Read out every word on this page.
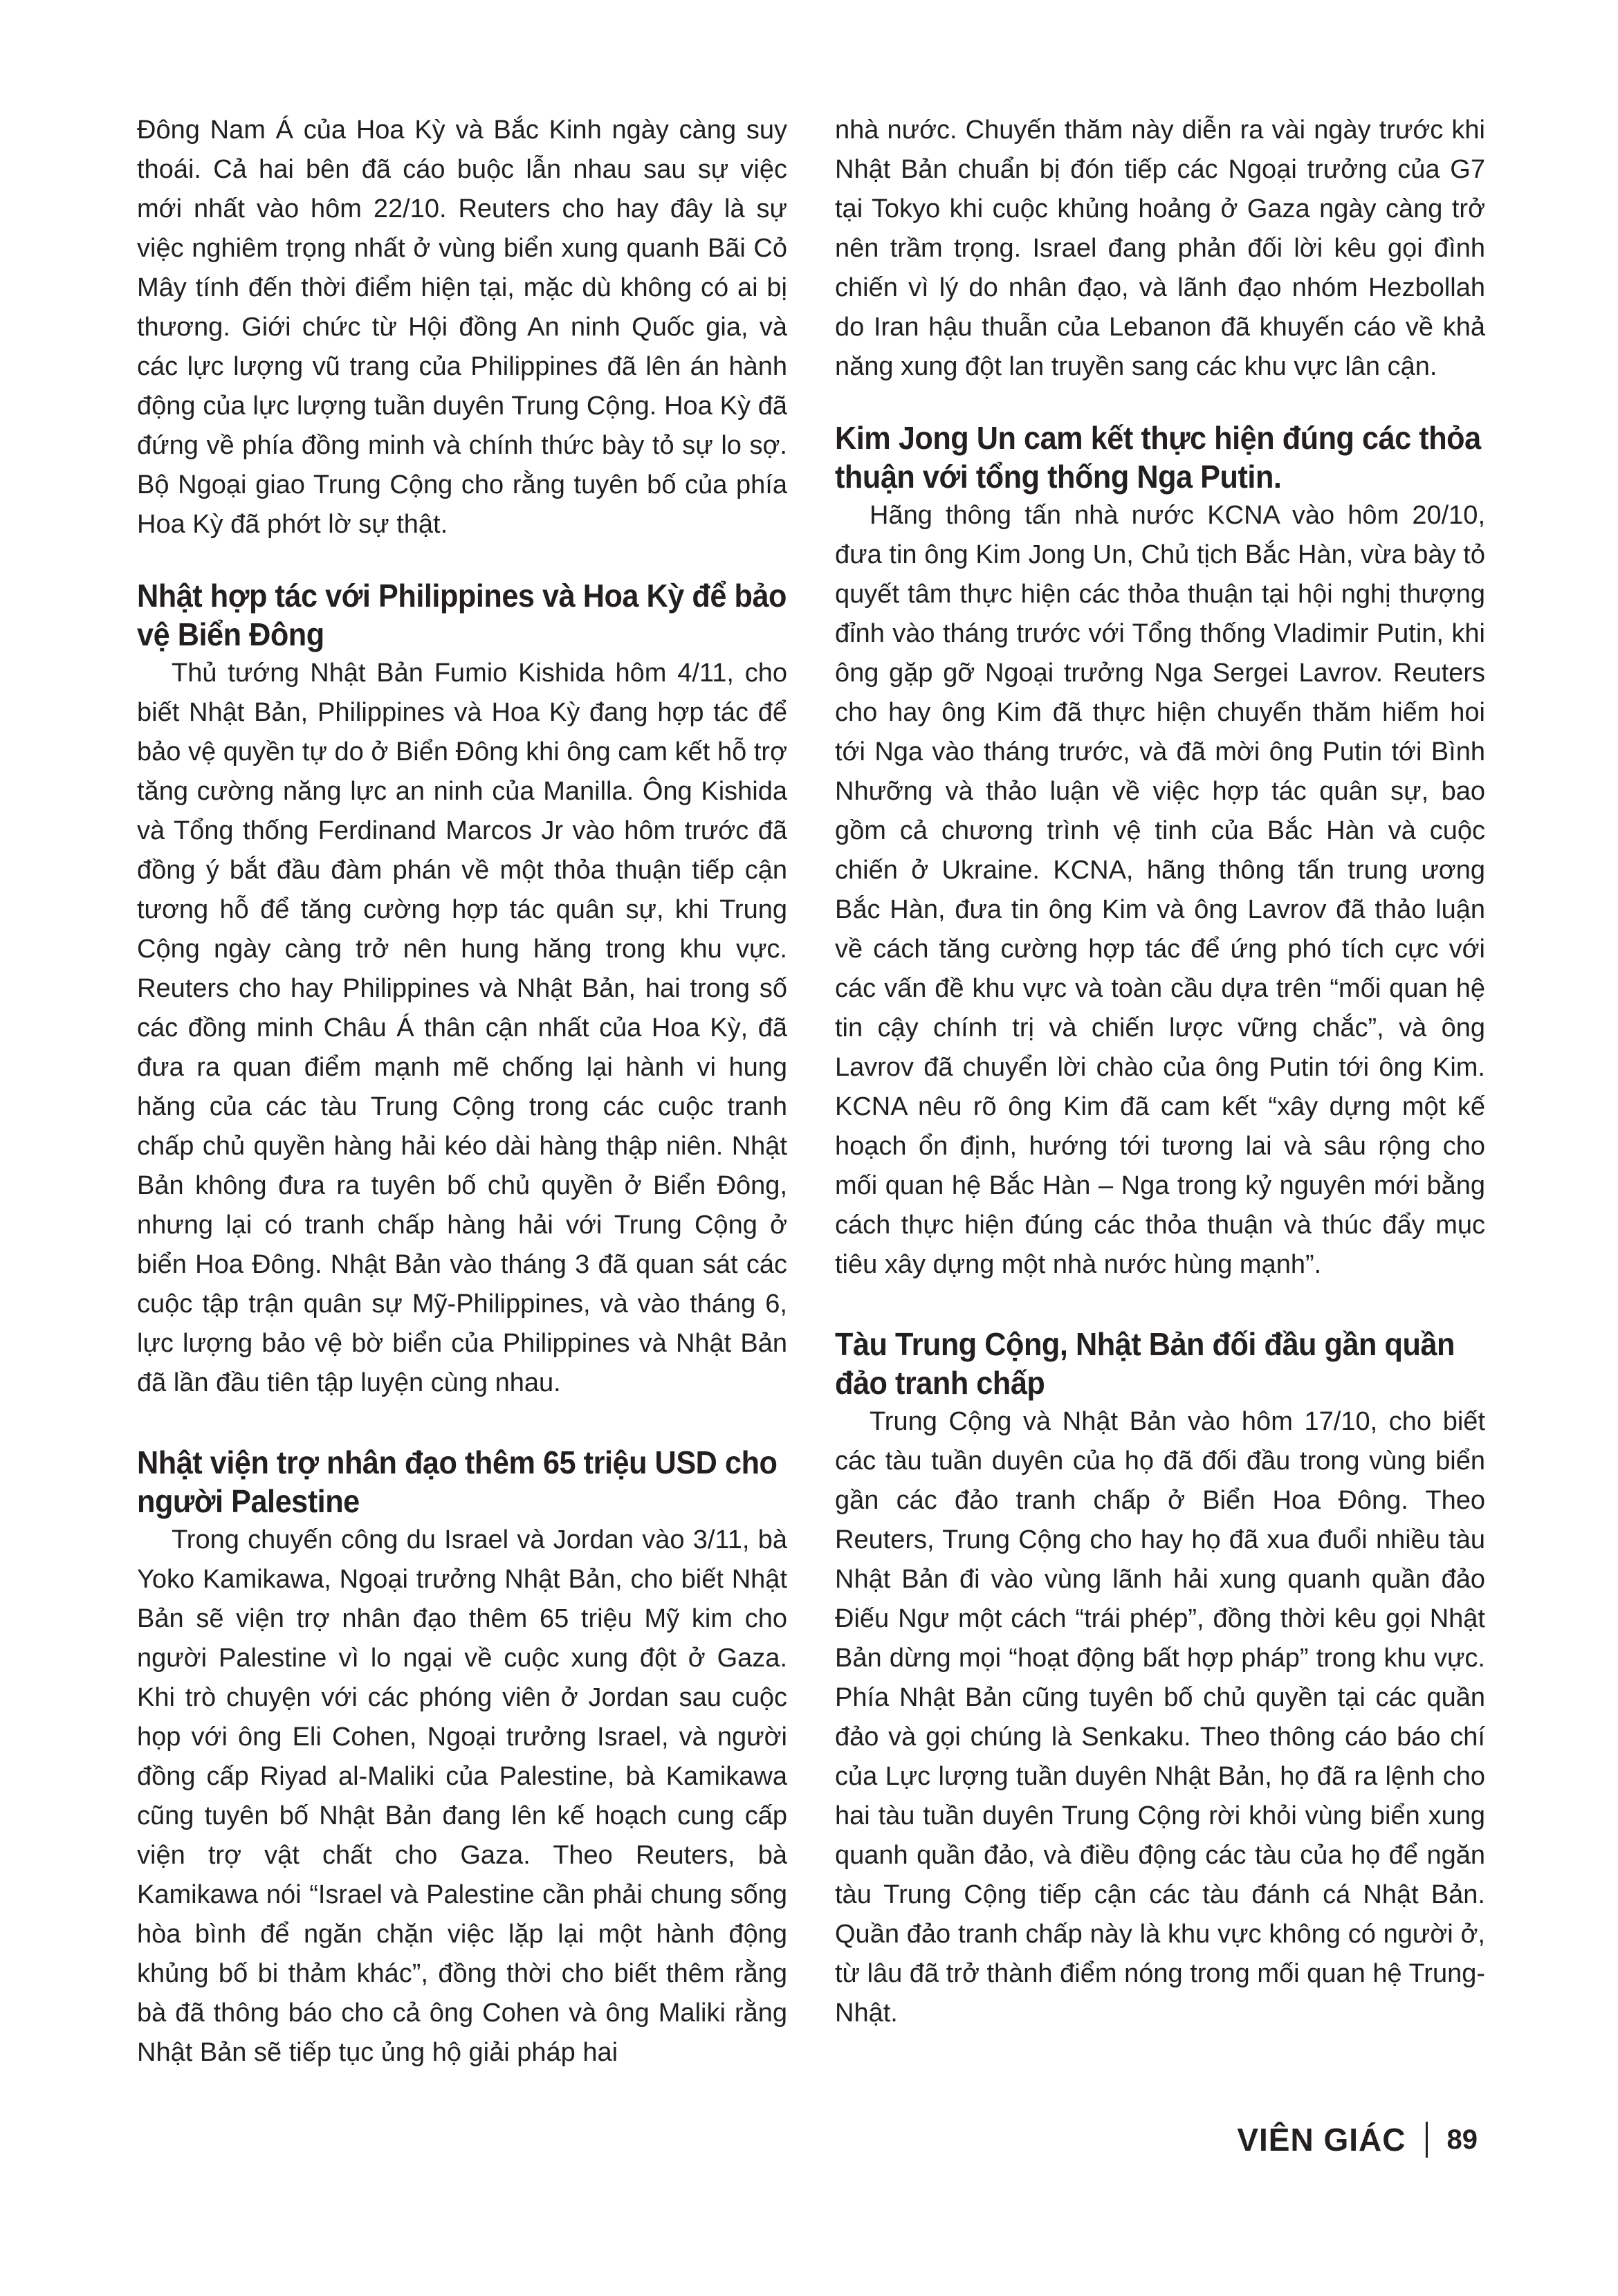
Đông Nam Á của Hoa Kỳ và Bắc Kinh ngày càng suy thoái. Cả hai bên đã cáo buộc lẫn nhau sau sự việc mới nhất vào hôm 22/10. Reuters cho hay đây là sự việc nghiêm trọng nhất ở vùng biển xung quanh Bãi Cỏ Mây tính đến thời điểm hiện tại, mặc dù không có ai bị thương. Giới chức từ Hội đồng An ninh Quốc gia, và các lực lượng vũ trang của Philippines đã lên án hành động của lực lượng tuần duyên Trung Cộng. Hoa Kỳ đã đứng về phía đồng minh và chính thức bày tỏ sự lo sợ. Bộ Ngoại giao Trung Cộng cho rằng tuyên bố của phía Hoa Kỳ đã phớt lờ sự thật.

Nhật hợp tác với Philippines và Hoa Kỳ để bảo vệ Biển Đông

Thủ tướng Nhật Bản Fumio Kishida hôm 4/11, cho biết Nhật Bản, Philippines và Hoa Kỳ đang hợp tác để bảo vệ quyền tự do ở Biển Đông khi ông cam kết hỗ trợ tăng cường năng lực an ninh của Manilla. Ông Kishida và Tổng thống Ferdinand Marcos Jr vào hôm trước đã đồng ý bắt đầu đàm phán về một thỏa thuận tiếp cận tương hỗ để tăng cường hợp tác quân sự, khi Trung Cộng ngày càng trở nên hung hăng trong khu vực. Reuters cho hay Philippines và Nhật Bản, hai trong số các đồng minh Châu Á thân cận nhất của Hoa Kỳ, đã đưa ra quan điểm mạnh mẽ chống lại hành vi hung hăng của các tàu Trung Cộng trong các cuộc tranh chấp chủ quyền hàng hải kéo dài hàng thập niên. Nhật Bản không đưa ra tuyên bố chủ quyền ở Biển Đông, nhưng lại có tranh chấp hàng hải với Trung Cộng ở biển Hoa Đông. Nhật Bản vào tháng 3 đã quan sát các cuộc tập trận quân sự Mỹ-Philippines, và vào tháng 6, lực lượng bảo vệ bờ biển của Philippines và Nhật Bản đã lần đầu tiên tập luyện cùng nhau.

Nhật viện trợ nhân đạo thêm 65 triệu USD cho người Palestine

Trong chuyến công du Israel và Jordan vào 3/11, bà Yoko Kamikawa, Ngoại trưởng Nhật Bản, cho biết Nhật Bản sẽ viện trợ nhân đạo thêm 65 triệu Mỹ kim cho người Palestine vì lo ngại về cuộc xung đột ở Gaza. Khi trò chuyện với các phóng viên ở Jordan sau cuộc họp với ông Eli Cohen, Ngoại trưởng Israel, và người đồng cấp Riyad al-Maliki của Palestine, bà Kamikawa cũng tuyên bố Nhật Bản đang lên kế hoạch cung cấp viện trợ vật chất cho Gaza. Theo Reuters, bà Kamikawa nói “Israel và Palestine cần phải chung sống hòa bình để ngăn chặn việc lặp lại một hành động khủng bố bi thảm khác”, đồng thời cho biết thêm rằng bà đã thông báo cho cả ông Cohen và ông Maliki rằng Nhật Bản sẽ tiếp tục ủng hộ giải pháp hai

nhà nước. Chuyến thăm này diễn ra vài ngày trước khi Nhật Bản chuẩn bị đón tiếp các Ngoại trưởng của G7 tại Tokyo khi cuộc khủng hoảng ở Gaza ngày càng trở nên trầm trọng. Israel đang phản đối lời kêu gọi đình chiến vì lý do nhân đạo, và lãnh đạo nhóm Hezbollah do Iran hậu thuẫn của Lebanon đã khuyến cáo về khả năng xung đột lan truyền sang các khu vực lân cận.

Kim Jong Un cam kết thực hiện đúng các thỏa thuận với tổng thống Nga Putin.

Hãng thông tấn nhà nước KCNA vào hôm 20/10, đưa tin ông Kim Jong Un, Chủ tịch Bắc Hàn, vừa bày tỏ quyết tâm thực hiện các thỏa thuận tại hội nghị thượng đỉnh vào tháng trước với Tổng thống Vladimir Putin, khi ông gặp gỡ Ngoại trưởng Nga Sergei Lavrov. Reuters cho hay ông Kim đã thực hiện chuyến thăm hiếm hoi tới Nga vào tháng trước, và đã mời ông Putin tới Bình Nhưỡng và thảo luận về việc hợp tác quân sự, bao gồm cả chương trình vệ tinh của Bắc Hàn và cuộc chiến ở Ukraine. KCNA, hãng thông tấn trung ương Bắc Hàn, đưa tin ông Kim và ông Lavrov đã thảo luận về cách tăng cường hợp tác để ứng phó tích cực với các vấn đề khu vực và toàn cầu dựa trên “mối quan hệ tin cậy chính trị và chiến lược vững chắc”, và ông Lavrov đã chuyển lời chào của ông Putin tới ông Kim. KCNA nêu rõ ông Kim đã cam kết “xây dựng một kế hoạch ổn định, hướng tới tương lai và sâu rộng cho mối quan hệ Bắc Hàn – Nga trong kỷ nguyên mới bằng cách thực hiện đúng các thỏa thuận và thúc đẩy mục tiêu xây dựng một nhà nước hùng mạnh”.

Tàu Trung Cộng, Nhật Bản đối đầu gần quần đảo tranh chấp

Trung Cộng và Nhật Bản vào hôm 17/10, cho biết các tàu tuần duyên của họ đã đối đầu trong vùng biển gần các đảo tranh chấp ở Biển Hoa Đông. Theo Reuters, Trung Cộng cho hay họ đã xua đuổi nhiều tàu Nhật Bản đi vào vùng lãnh hải xung quanh quần đảo Điếu Ngư một cách “trái phép”, đồng thời kêu gọi Nhật Bản dừng mọi “hoạt động bất hợp pháp” trong khu vực. Phía Nhật Bản cũng tuyên bố chủ quyền tại các quần đảo và gọi chúng là Senkaku. Theo thông cáo báo chí của Lực lượng tuần duyên Nhật Bản, họ đã ra lệnh cho hai tàu tuần duyên Trung Cộng rời khỏi vùng biển xung quanh quần đảo, và điều động các tàu của họ để ngăn tàu Trung Cộng tiếp cận các tàu đánh cá Nhật Bản. Quần đảo tranh chấp này là khu vực không có người ở, từ lâu đã trở thành điểm nóng trong mối quan hệ Trung-Nhật.

VIÊN GIÁC 89
